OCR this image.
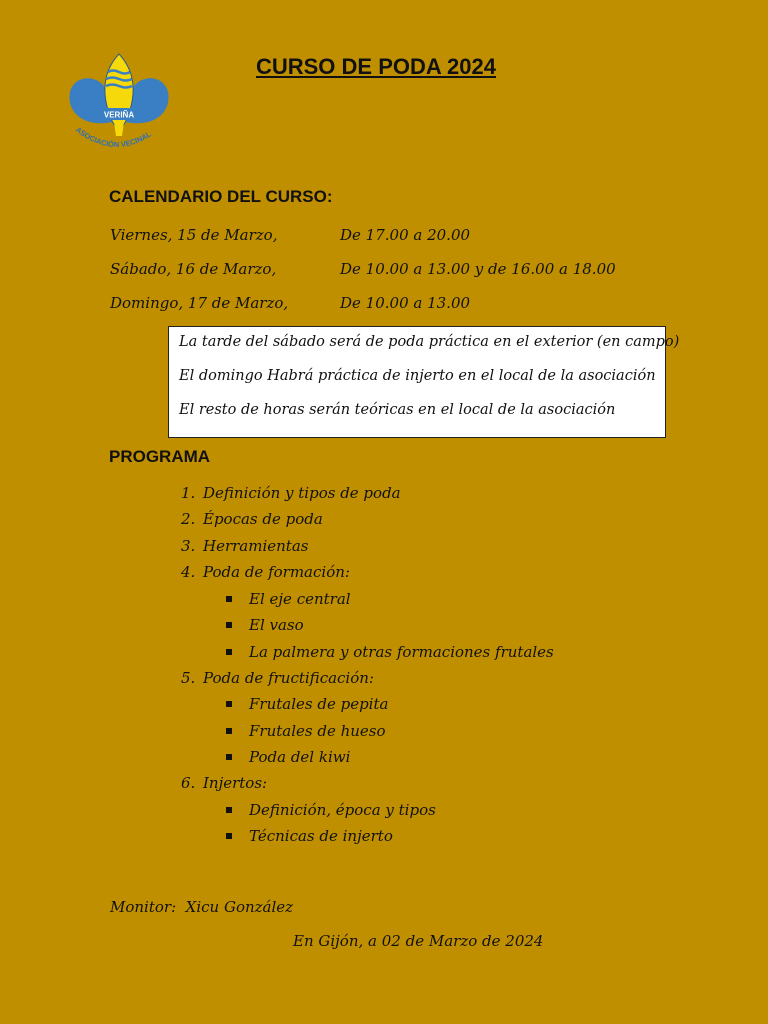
VERIÑA
ASOCIACIÓN VECINAL
CURSO DE PODA 2024
CALENDARIO DEL CURSO:
Viernes, 15 de Marzo,	De 17.00 a 20.00
Sábado, 16 de Marzo,	De 10.00 a 13.00 y de 16.00 a 18.00
Domingo, 17 de Marzo,	De 10.00 a 13.00
La tarde del sábado será de poda práctica en el exterior (en campo)
El domingo Habrá práctica de injerto en el local de la asociación
El resto de horas serán teóricas en el local de la asociación
PROGRAMA
1. Definición y tipos de poda
2. Épocas de poda
3. Herramientas
4. Poda de formación:
El eje central
El vaso
La palmera y otras formaciones frutales
5. Poda de fructificación:
Frutales de pepita
Frutales de hueso
Poda del kiwi
6. Injertos:
Definición, época y tipos
Técnicas de injerto
Monitor:  Xicu González
En Gijón, a 02 de Marzo de 2024
